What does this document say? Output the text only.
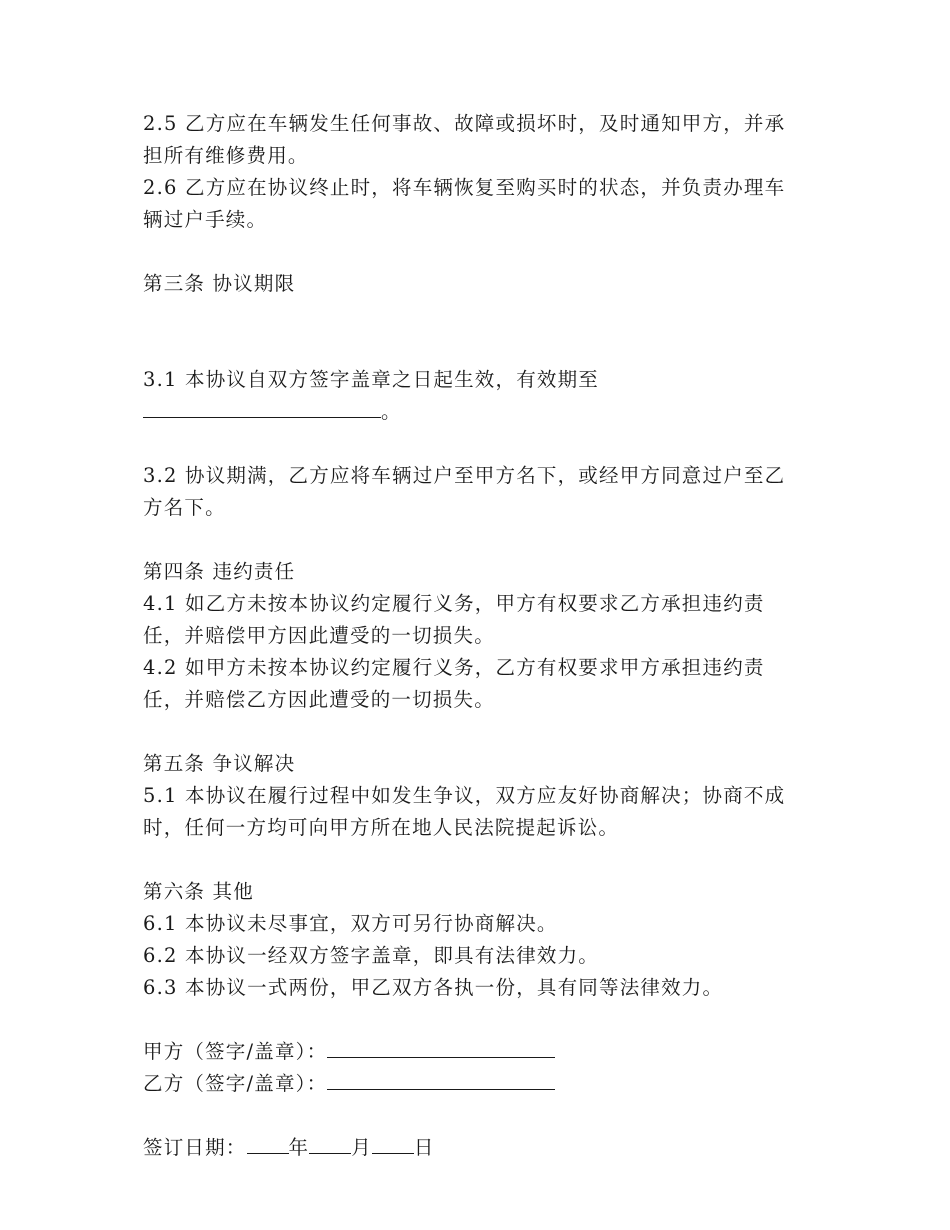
2.5 乙方应在车辆发生任何事故、故障或损坏时，及时通知甲方，并承担所有维修费用。

2.6 乙方应在协议终止时，将车辆恢复至购买时的状态，并负责办理车辆过户手续。

第三条 协议期限

3.1 本协议自双方签字盖章之日起生效，有效期至
。

3.2 协议期满，乙方应将车辆过户至甲方名下，或经甲方同意过户至乙方名下。

第四条 违约责任

4.1 如乙方未按本协议约定履行义务，甲方有权要求乙方承担违约责任，并赔偿甲方因此遭受的一切损失。

4.2 如甲方未按本协议约定履行义务，乙方有权要求甲方承担违约责任，并赔偿乙方因此遭受的一切损失。

第五条 争议解决

5.1 本协议在履行过程中如发生争议，双方应友好协商解决；协商不成时，任何一方均可向甲方所在地人民法院提起诉讼。

第六条 其他

6.1 本协议未尽事宜，双方可另行协商解决。

6.2 本协议一经双方签字盖章，即具有法律效力。

6.3 本协议一式两份，甲乙双方各执一份，具有同等法律效力。

甲方（签字/盖章）：

乙方（签字/盖章）：

签订日期： 年 月 日
